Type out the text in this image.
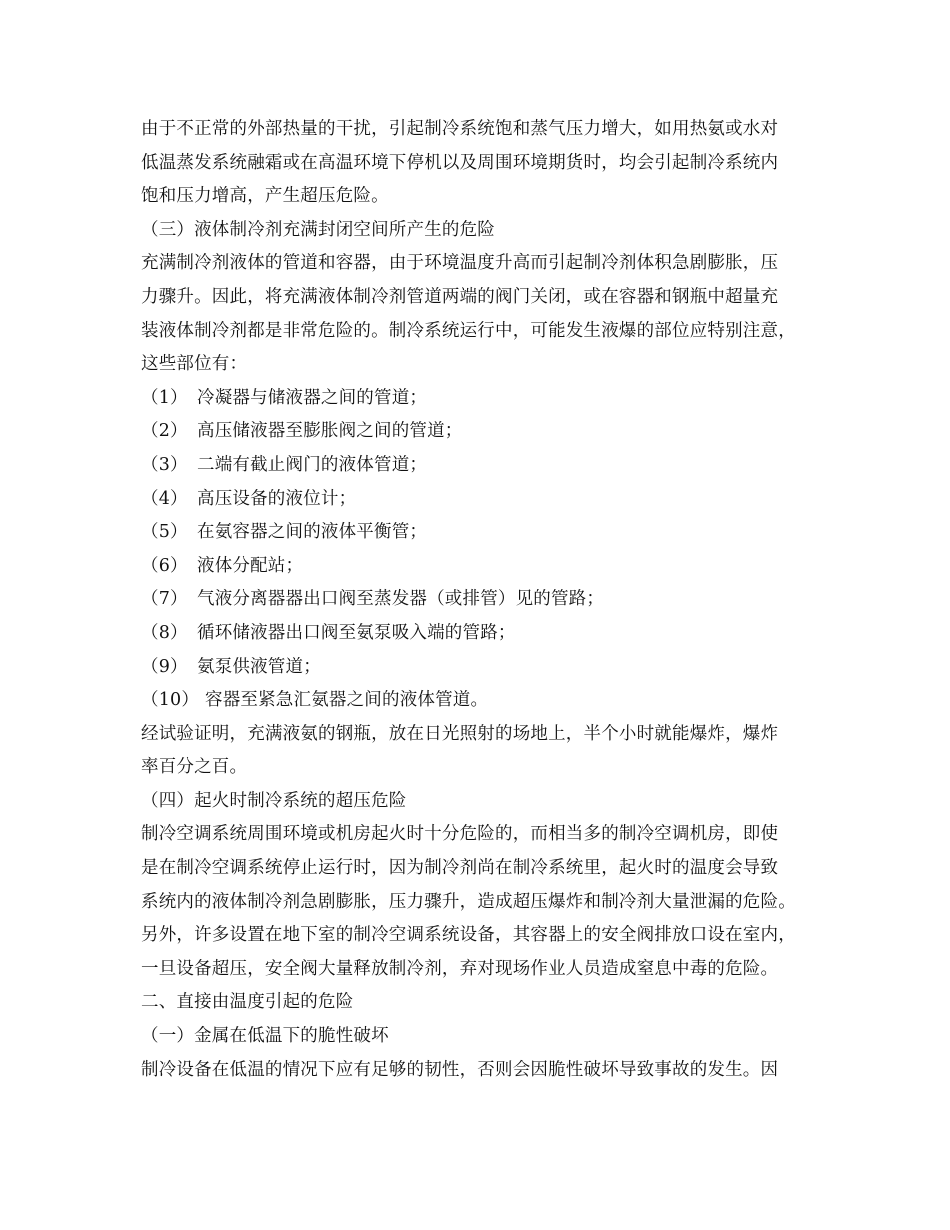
由于不正常的外部热量的干扰，引起制冷系统饱和蒸气压力增大，如用热氨或水对
低温蒸发系统融霜或在高温环境下停机以及周围环境期货时，均会引起制冷系统内
饱和压力增高，产生超压危险。
（三）液体制冷剂充满封闭空间所产生的危险
充满制冷剂液体的管道和容器，由于环境温度升高而引起制冷剂体积急剧膨胀，压
力骤升。因此，将充满液体制冷剂管道两端的阀门关闭，或在容器和钢瓶中超量充
装液体制冷剂都是非常危险的。制冷系统运行中，可能发生液爆的部位应特别注意，
这些部位有：
（1） 冷凝器与储液器之间的管道；
（2） 高压储液器至膨胀阀之间的管道；
（3） 二端有截止阀门的液体管道；
（4） 高压设备的液位计；
（5） 在氨容器之间的液体平衡管；
（6） 液体分配站；
（7） 气液分离器器出口阀至蒸发器（或排管）见的管路；
（8） 循环储液器出口阀至氨泵吸入端的管路；
（9） 氨泵供液管道；
（10） 容器至紧急汇氨器之间的液体管道。
经试验证明，充满液氨的钢瓶，放在日光照射的场地上，半个小时就能爆炸，爆炸
率百分之百。
（四）起火时制冷系统的超压危险
制冷空调系统周围环境或机房起火时十分危险的，而相当多的制冷空调机房，即使
是在制冷空调系统停止运行时，因为制冷剂尚在制冷系统里，起火时的温度会导致
系统内的液体制冷剂急剧膨胀，压力骤升，造成超压爆炸和制冷剂大量泄漏的危险。
另外，许多设置在地下室的制冷空调系统设备，其容器上的安全阀排放口设在室内，
一旦设备超压，安全阀大量释放制冷剂，弃对现场作业人员造成窒息中毒的危险。
二、直接由温度引起的危险
（一）金属在低温下的脆性破坏
制冷设备在低温的情况下应有足够的韧性，否则会因脆性破坏导致事故的发生。因
